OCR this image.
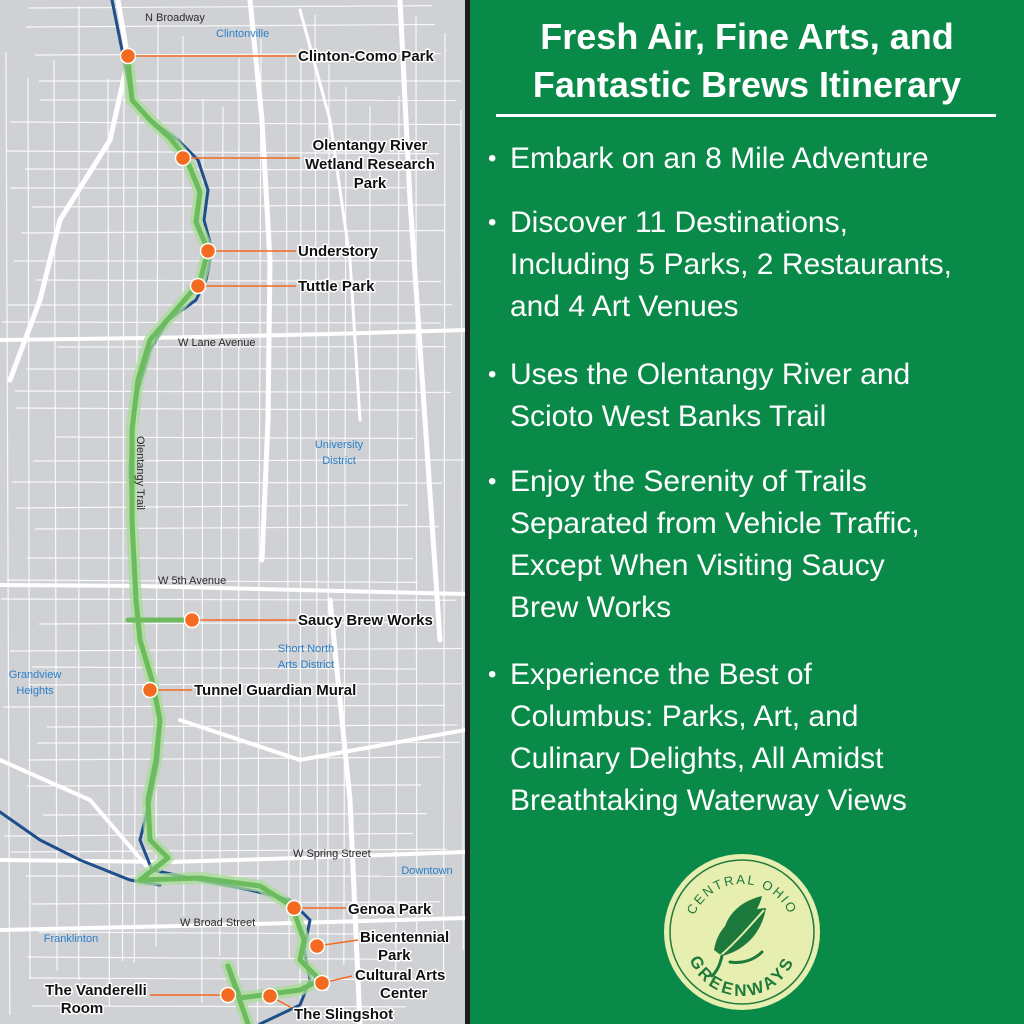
N Broadway
W Lane Avenue
Olentangy Trail
W 5th Avenue
W Spring Street
W Broad Street
Clintonville
University
District
Short North
Arts District
Grandview
Heights
Downtown
Franklinton
Clinton-Como Park
Olentangy River
Wetland Research
Park
Understory
Tuttle Park
Saucy Brew Works
Tunnel Guardian Mural
Genoa Park
Bicentennial
Park
Cultural Arts
Center
The Slingshot
The Vanderelli
Room
Fresh Air, Fine Arts, and
Fantastic Brews Itinerary
• Embark on an 8 Mile Adventure
• Discover 11 Destinations,
Including 5 Parks, 2 Restaurants,
and 4 Art Venues
• Uses the Olentangy River and
Scioto West Banks Trail
• Enjoy the Serenity of Trails
Separated from Vehicle Traffic,
Except When Visiting Saucy
Brew Works
• Experience the Best of
Columbus: Parks, Art, and
Culinary Delights, All Amidst
Breathtaking Waterway Views
CENTRAL OHIO
GREENWAYS
